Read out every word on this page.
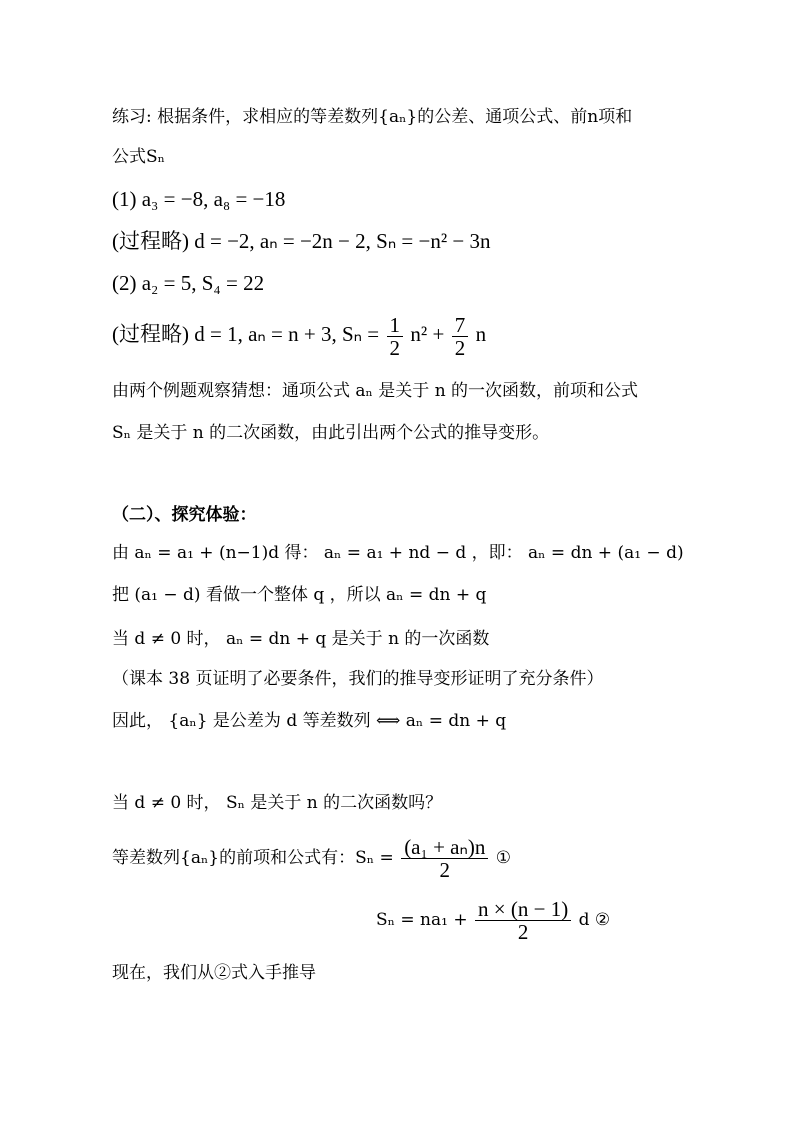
练习: 根据条件，求相应的等差数列{aₙ}的公差、通项公式、前n项和
公式Sₙ
(1) a₃ = −8, a₈ = −18
(过程略) d = −2, aₙ = −2n − 2, Sₙ = −n² − 3n
(2) a₂ = 5, S₄ = 22
(过程略) d = 1, aₙ = n + 3, $S_n = \frac{1}{2} n^2 + \frac{7}{2}$ n
由两个例题观察猜想：通项公式 aₙ 是关于 n 的一次函数，前项和公式
Sₙ 是关于 n 的二次函数，由此引出两个公式的推导变形。
（二）、探究体验：
由 aₙ = a₁ + (n−1)d 得： aₙ = a₁ + nd − d ，即： aₙ = dn + (a₁ − d)
把 (a₁ − d) 看做一个整体 q ，所以 aₙ = dn + q
当 d ≠ 0 时， aₙ = dn + q 是关于 n 的一次函数
（课本 38 页证明了必要条件，我们的推导变形证明了充分条件）
因此， {aₙ} 是公差为 d 等差数列 ⟺ aₙ = dn + q
当 d ≠ 0 时， Sₙ 是关于 n 的二次函数吗？
等差数列{aₙ}的前项和公式有：$S_n = \frac{\text{(a₁ + aₙ)n}}{2}$ ①
$S_n = na_1 + \frac{n \times (n - 1)}{2}$ d ②
现在，我们从②式入手推导
